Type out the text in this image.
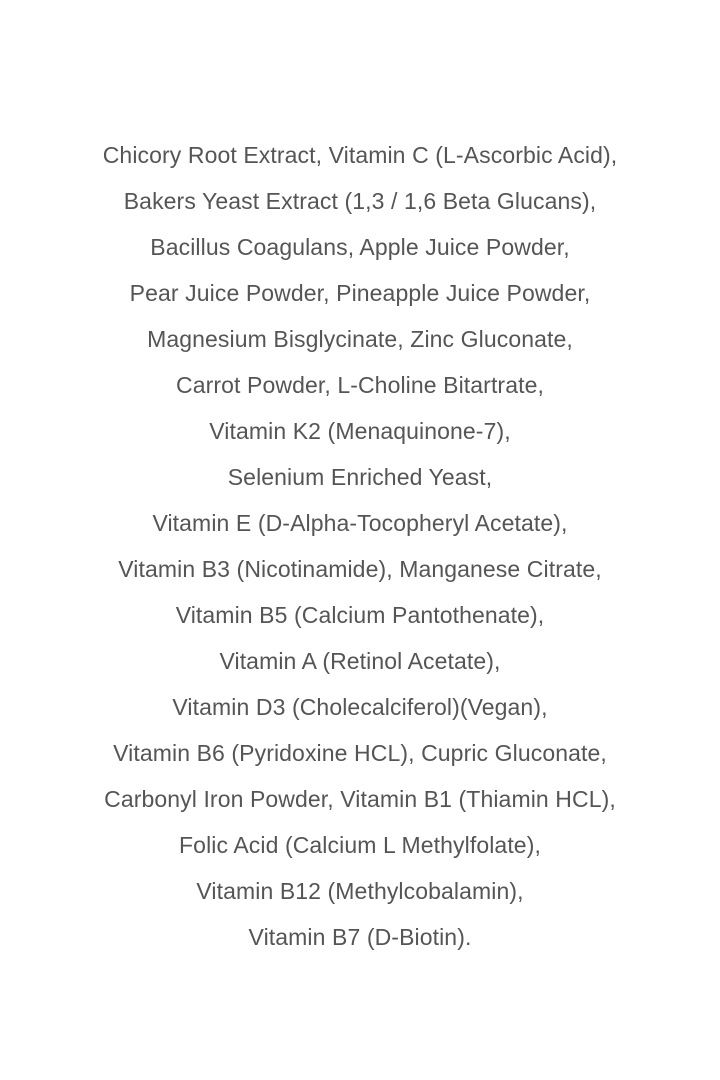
Chicory Root Extract, Vitamin C (L-Ascorbic Acid),
Bakers Yeast Extract (1,3 / 1,6 Beta Glucans),
Bacillus Coagulans, Apple Juice Powder,
Pear Juice Powder, Pineapple Juice Powder,
Magnesium Bisglycinate, Zinc Gluconate,
Carrot Powder, L-Choline Bitartrate,
Vitamin K2 (Menaquinone-7),
Selenium Enriched Yeast,
Vitamin E (D-Alpha-Tocopheryl Acetate),
Vitamin B3 (Nicotinamide), Manganese Citrate,
Vitamin B5 (Calcium Pantothenate),
Vitamin A (Retinol Acetate),
Vitamin D3 (Cholecalciferol)(Vegan),
Vitamin B6 (Pyridoxine HCL), Cupric Gluconate,
Carbonyl Iron Powder, Vitamin B1 (Thiamin HCL),
Folic Acid (Calcium L Methylfolate),
Vitamin B12 (Methylcobalamin),
Vitamin B7 (D-Biotin).
